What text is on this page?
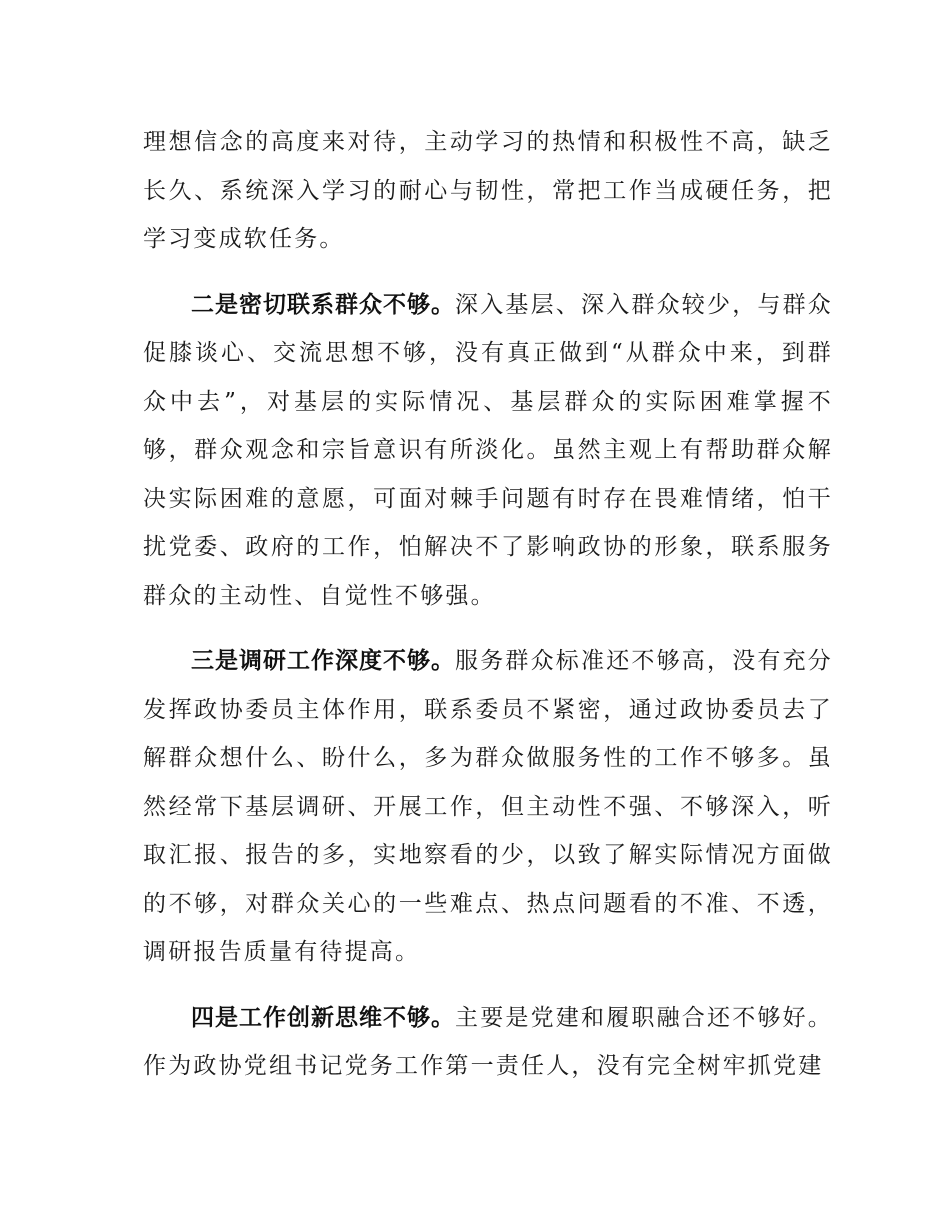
理想信念的高度来对待，主动学习的热情和积极性不高，缺乏长久、系统深入学习的耐心与韧性，常把工作当成硬任务，把学习变成软任务。

二是密切联系群众不够。深入基层、深入群众较少，与群众促膝谈心、交流思想不够，没有真正做到“从群众中来，到群众中去”，对基层的实际情况、基层群众的实际困难掌握不够，群众观念和宗旨意识有所淡化。虽然主观上有帮助群众解决实际困难的意愿，可面对棘手问题有时存在畏难情绪，怕干扰党委、政府的工作，怕解决不了影响政协的形象，联系服务群众的主动性、自觉性不够强。

三是调研工作深度不够。服务群众标准还不够高，没有充分发挥政协委员主体作用，联系委员不紧密，通过政协委员去了解群众想什么、盼什么，多为群众做服务性的工作不够多。虽然经常下基层调研、开展工作，但主动性不强、不够深入，听取汇报、报告的多，实地察看的少，以致了解实际情况方面做的不够，对群众关心的一些难点、热点问题看的不准、不透，调研报告质量有待提高。

四是工作创新思维不够。主要是党建和履职融合还不够好。作为政协党组书记党务工作第一责任人，没有完全树牢抓党建
